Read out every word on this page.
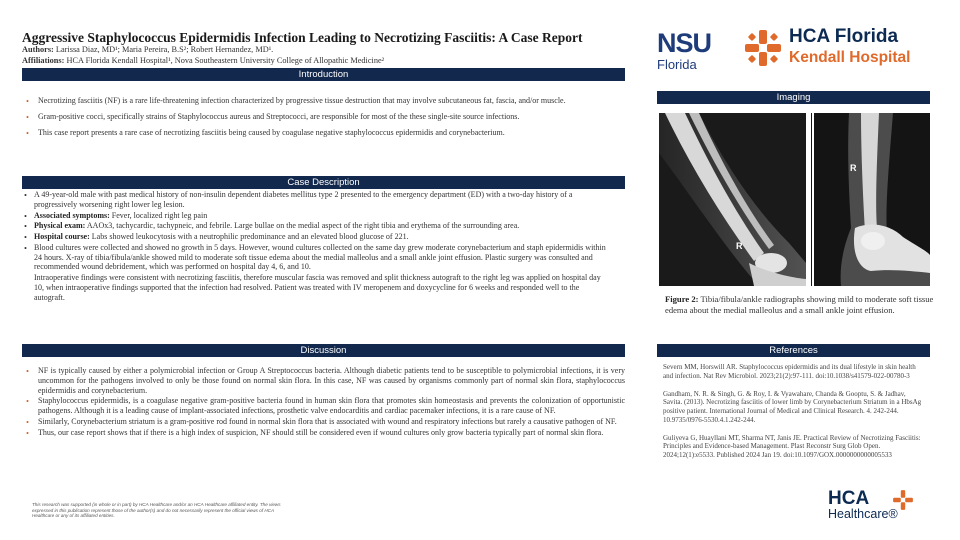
Aggressive Staphylococcus Epidermidis Infection Leading to Necrotizing Fasciitis: A Case Report
Authors: Larissa Diaz, MD¹; Maria Pereira, B.S²; Robert Hernandez, MD¹.
Affiliations: HCA Florida Kendall Hospital¹, Nova Southeastern University College of Allopathic Medicine²
NSU
Florida
HCA Florida
Kendall Hospital
Introduction
• Necrotizing fasciitis (NF) is a rare life-threatening infection characterized by progressive tissue destruction that may involve subcutaneous fat, fascia, and/or muscle.
• Gram-positive cocci, specifically strains of Staphylococcus aureus and Streptococci, are responsible for most of the these single-site source infections.
• This case report presents a rare case of necrotizing fasciitis being caused by coagulase negative staphylococcus epidermidis and corynebacterium.
Case Description
• A 49-year-old male with past medical history of non-insulin dependent diabetes mellitus type 2 presented to the emergency department (ED) with a two-day history of a progressively worsening right lower leg lesion.
• Associated symptoms: Fever, localized right leg pain
• Physical exam: AAOx3, tachycardic, tachypneic, and febrile. Large bullae on the medial aspect of the right tibia and erythema of the surrounding area.
• Hospital course: Labs showed leukocytosis with a neutrophilic predominance and an elevated blood glucose of 221.
• Blood cultures were collected and showed no growth in 5 days. However, wound cultures collected on the same day grew moderate corynebacterium and staph epidermidis within 24 hours. X-ray of tibia/fibula/ankle showed mild to moderate soft tissue edema about the medial malleolus and a small ankle joint effusion. Plastic surgery was consulted and recommended wound debridement, which was performed on hospital day 4, 6, and 10.
Intraoperative findings were consistent with necrotizing fasciitis, therefore muscular fascia was removed and split thickness autograft to the right leg was applied on hospital day 10, when intraoperative findings supported that the infection had resolved. Patient was treated with IV meropenem and doxycycline for 6 weeks and responded well to the autograft.
Discussion
• NF is typically caused by either a polymicrobial infection or Group A Streptococcus bacteria. Although diabetic patients tend to be susceptible to polymicrobial infections, it is very uncommon for the pathogens involved to only be those found on normal skin flora. In this case, NF was caused by organisms commonly part of normal skin flora, staphylococcus epidermidis and corynebacterium.
• Staphylococcus epidermidis, is a coagulase negative gram-positive bacteria found in human skin flora that promotes skin homeostasis and prevents the colonization of opportunistic pathogens. Although it is a leading cause of implant-associated infections, prosthetic valve endocarditis and cardiac pacemaker infections, it is a rare cause of NF.
• Similarly, Corynebacterium striatum is a gram-positive rod found in normal skin flora that is associated with wound and respiratory infections but rarely a causative pathogen of NF.
• Thus, our case report shows that if there is a high index of suspicion, NF should still be considered even if wound cultures only grow bacteria typically part of normal skin flora.
This research was supported (in whole or in part) by HCA Healthcare and/or an HCA Healthcare affiliated entity. The views expressed in this publication represent those of the author(s) and do not necessarily represent the official views of HCA Healthcare or any of its affiliated entities.
Imaging
R
R
Figure 2: Tibia/fibula/ankle radiographs showing mild to moderate soft tissue edema about the medial malleolus and a small ankle joint effusion.
References

Severn MM, Horswill AR. Staphylococcus epidermidis and its dual lifestyle in skin health and infection. Nat Rev Microbiol. 2023;21(2):97-111. doi:10.1038/s41579-022-00780-3

Gandham, N. R. & Singh, G. & Roy, I. & Vyawahare, Chanda & Gooptu, S. & Jadhav, Savita. (2013). Necrotizing fasciitis of lower limb by Corynebacterium Striatum in a HbsAg positive patient. International Journal of Medical and Clinical Research. 4. 242-244. 10.9735/0976-5530.4.1.242-244.

Guliyeva G, Huayllani MT, Sharma NT, Janis JE. Practical Review of Necrotizing Fasciitis: Principles and Evidence-based Management. Plast Reconstr Surg Glob Open. 2024;12(1):e5533. Published 2024 Jan 19. doi:10.1097/GOX.0000000000005533

HCA
Healthcare®
